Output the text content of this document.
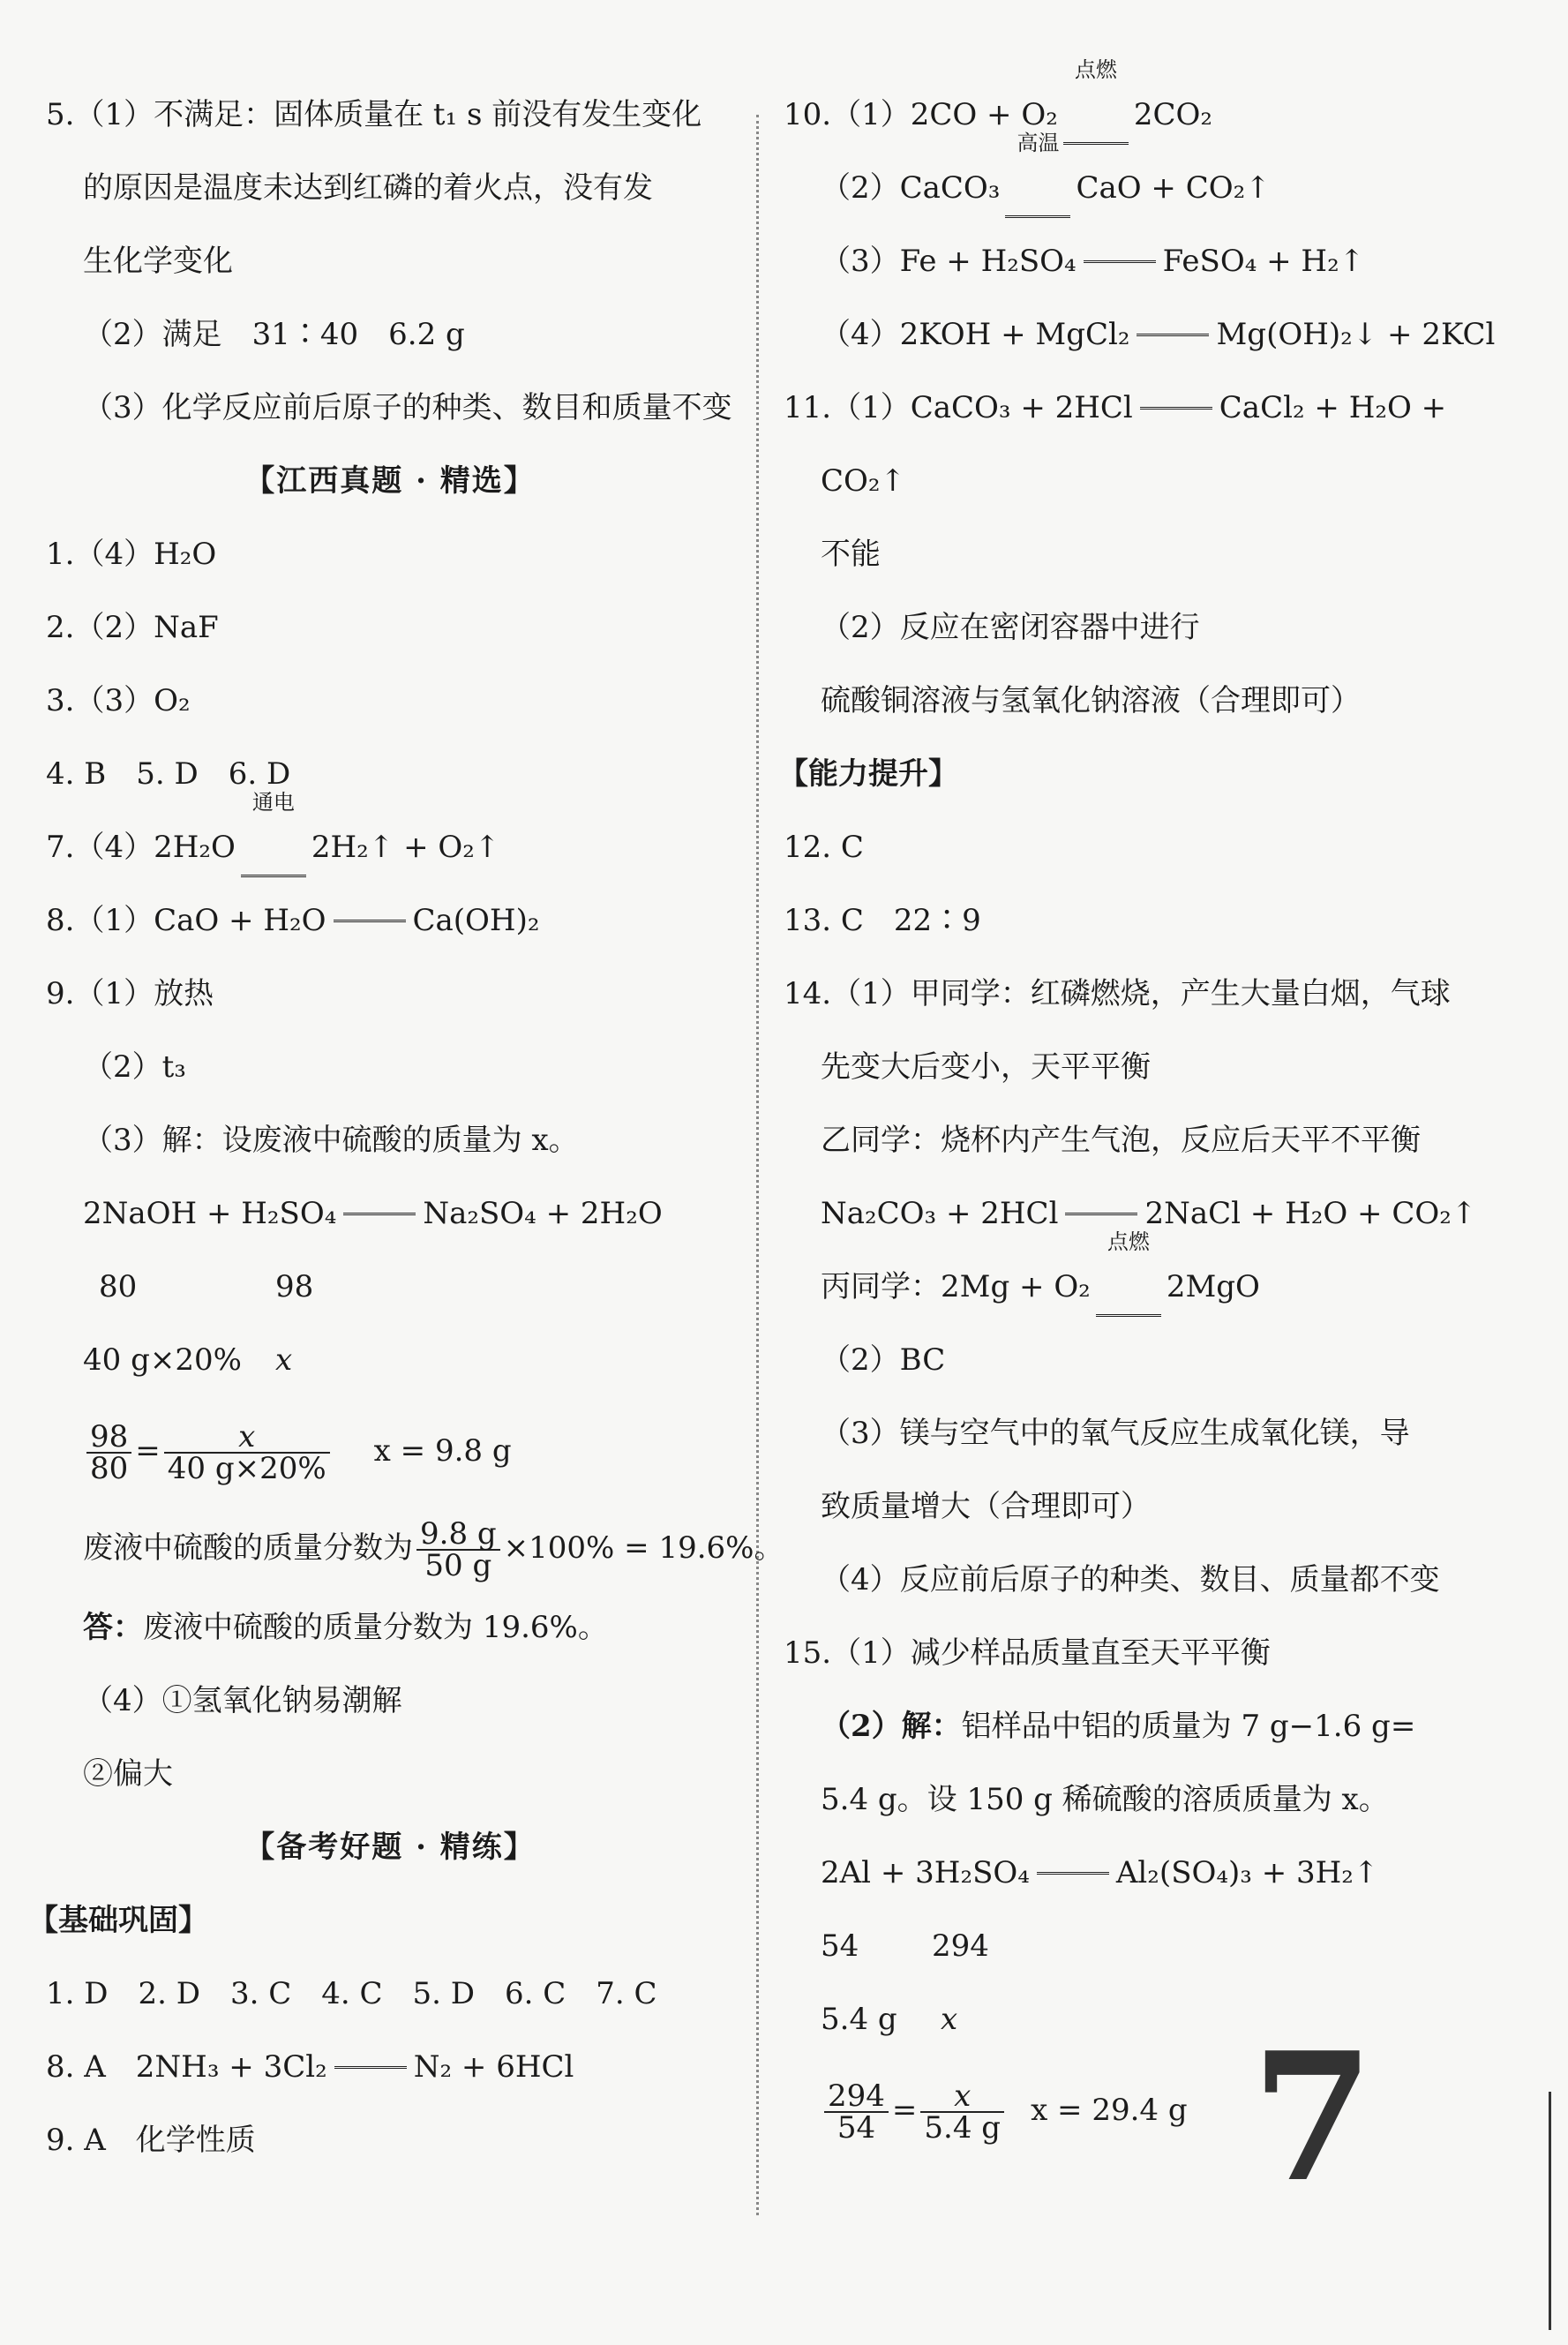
5.（1）不满足：固体质量在 t₁ s 前没有发生变化
的原因是温度未达到红磷的着火点，没有发
生化学变化
（2）满足　31∶40　6.2 g
（3）化学反应前后原子的种类、数目和质量不变
【江西真题 · 精选】
1.（4）H₂O
2.（2）NaF
3.（3）O₂
4. B　5. D　6. D
7.（4）2H₂O
通电
2H₂↑ + O₂↑
8.（1）CaO + H₂O	Ca(OH)₂
9.（1）放热
（2）t₃
（3）解：设废液中硫酸的质量为 x。
2NaOH + H₂SO₄	Na₂SO₄ + 2H₂O
80	98
40 g×20% x
$\frac{98}{80} = \frac{x}{40 g\times 20\%}$ x = 9.8 g
废液中硫酸的质量分数为 $\frac{9.8 g}{50 g} \times 100\% = 19.6\%$。
答：废液中硫酸的质量分数为 19.6%。
（4）①氢氧化钠易潮解
②偏大
【备考好题 · 精练】
【基础巩固】
1. D　2. D　3. C　4. C　5. D　6. C　7. C
8. A　2NH₃ + 3Cl₂	N₂ + 6HCl
9. A　化学性质
10.（1）2CO + O₂
点燃
2CO₂
（2）CaCO₃
高温
CaO + CO₂↑
（3）Fe + H₂SO₄	FeSO₄ + H₂↑
（4）2KOH + MgCl₂	Mg(OH)₂↓ + 2KCl
11.（1）CaCO₃ + 2HCl	CaCl₂ + H₂O +
CO₂↑
不能
（2）反应在密闭容器中进行
硫酸铜溶液与氢氧化钠溶液（合理即可）
【能力提升】
12. C
13. C　22∶9
14.（1）甲同学：红磷燃烧，产生大量白烟，气球
先变大后变小，天平平衡
乙同学：烧杯内产生气泡，反应后天平不平衡
Na₂CO₃ + 2HCl	2NaCl + H₂O + CO₂↑
丙同学：2Mg + O₂
点燃
2MgO
（2）BC
（3）镁与空气中的氧气反应生成氧化镁，导
致质量增大（合理即可）
（4）反应前后原子的种类、数目、质量都不变
15.（1）减少样品质量直至天平平衡
（2）解：铝样品中铝的质量为 7 g−1.6 g=
5.4 g。设 150 g 稀硫酸的溶质质量为 x。
2Al + 3H₂SO₄	Al₂(SO₄)₃ + 3H₂↑
54 294
5.4 g x
$\frac{294}{54} = \frac{x}{5.4 g}$ x = 29.4 g 7
